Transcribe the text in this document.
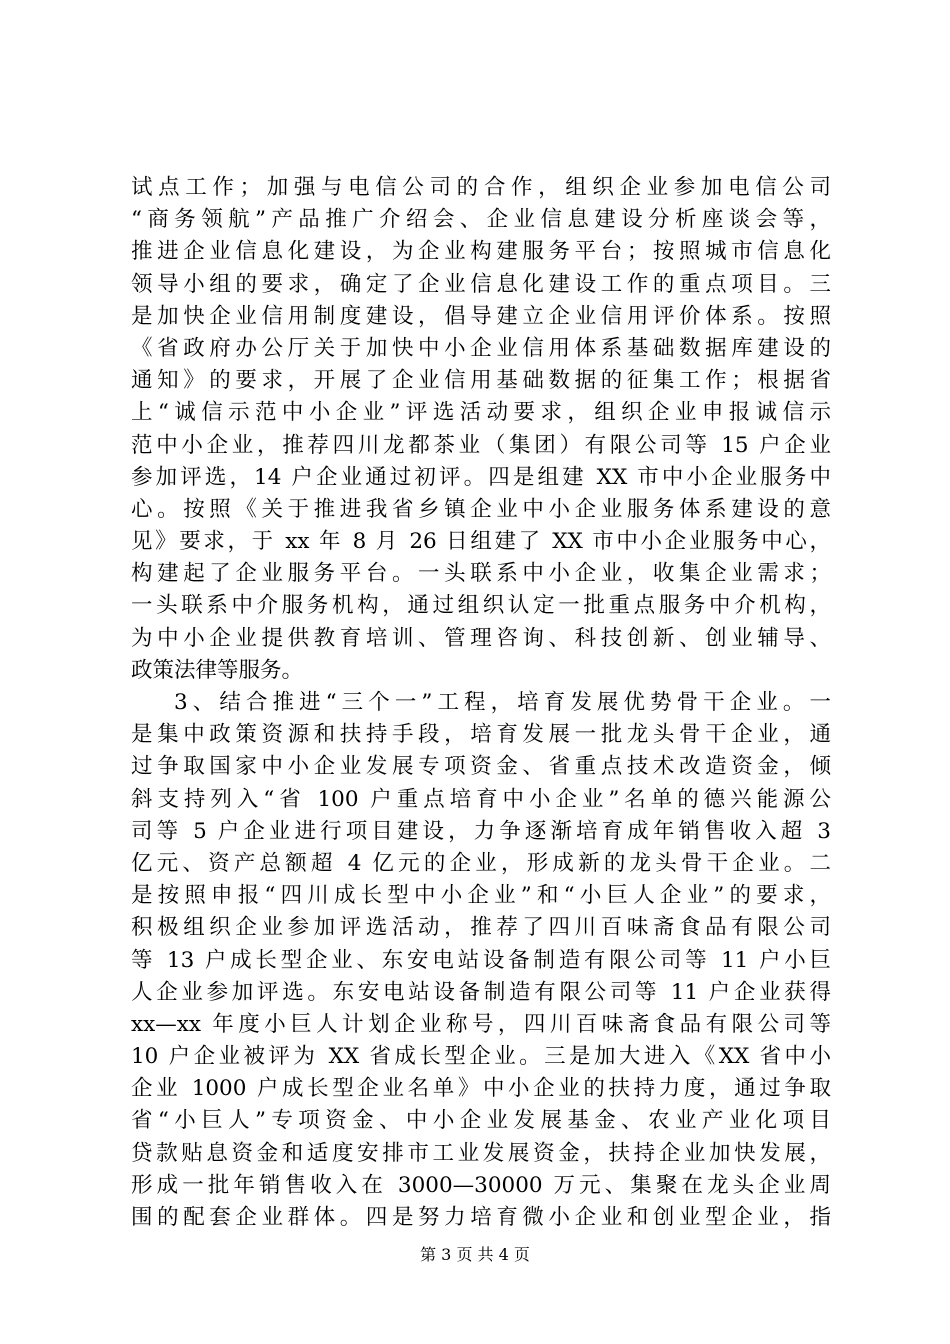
试点工作；加强与电信公司的合作，组织企业参加电信公司
“商务领航”产品推广介绍会、企业信息建设分析座谈会等，
推进企业信息化建设，为企业构建服务平台；按照城市信息化
领导小组的要求，确定了企业信息化建设工作的重点项目。三
是加快企业信用制度建设，倡导建立企业信用评价体系。按照
《省政府办公厅关于加快中小企业信用体系基础数据库建设的
通知》的要求，开展了企业信用基础数据的征集工作；根据省
上“诚信示范中小企业”评选活动要求，组织企业申报诚信示
范中小企业，推荐四川龙都茶业（集团）有限公司等 15 户企业
参加评选，14 户企业通过初评。四是组建 XX 市中小企业服务中
心。按照《关于推进我省乡镇企业中小企业服务体系建设的意
见》要求，于 xx 年 8 月 26 日组建了 XX 市中小企业服务中心，
构建起了企业服务平台。一头联系中小企业，收集企业需求；
一头联系中介服务机构，通过组织认定一批重点服务中介机构，
为中小企业提供教育培训、管理咨询、科技创新、创业辅导、
政策法律等服务。
3、结合推进“三个一”工程，培育发展优势骨干企业。一
是集中政策资源和扶持手段，培育发展一批龙头骨干企业，通
过争取国家中小企业发展专项资金、省重点技术改造资金，倾
斜支持列入“省 100 户重点培育中小企业”名单的德兴能源公
司等 5 户企业进行项目建设，力争逐渐培育成年销售收入超 3
亿元、资产总额超 4 亿元的企业，形成新的龙头骨干企业。二
是按照申报“四川成长型中小企业”和“小巨人企业”的要求，
积极组织企业参加评选活动，推荐了四川百味斋食品有限公司
等 13 户成长型企业、东安电站设备制造有限公司等 11 户小巨
人企业参加评选。东安电站设备制造有限公司等 11 户企业获得
xx—xx 年度小巨人计划企业称号，四川百味斋食品有限公司等
10 户企业被评为 XX 省成长型企业。三是加大进入《XX 省中小
企业 1000 户成长型企业名单》中小企业的扶持力度，通过争取
省“小巨人”专项资金、中小企业发展基金、农业产业化项目
贷款贴息资金和适度安排市工业发展资金，扶持企业加快发展，
形成一批年销售收入在 3000—30000 万元、集聚在龙头企业周
围的配套企业群体。四是努力培育微小企业和创业型企业，指
第 3 页 共 4 页
